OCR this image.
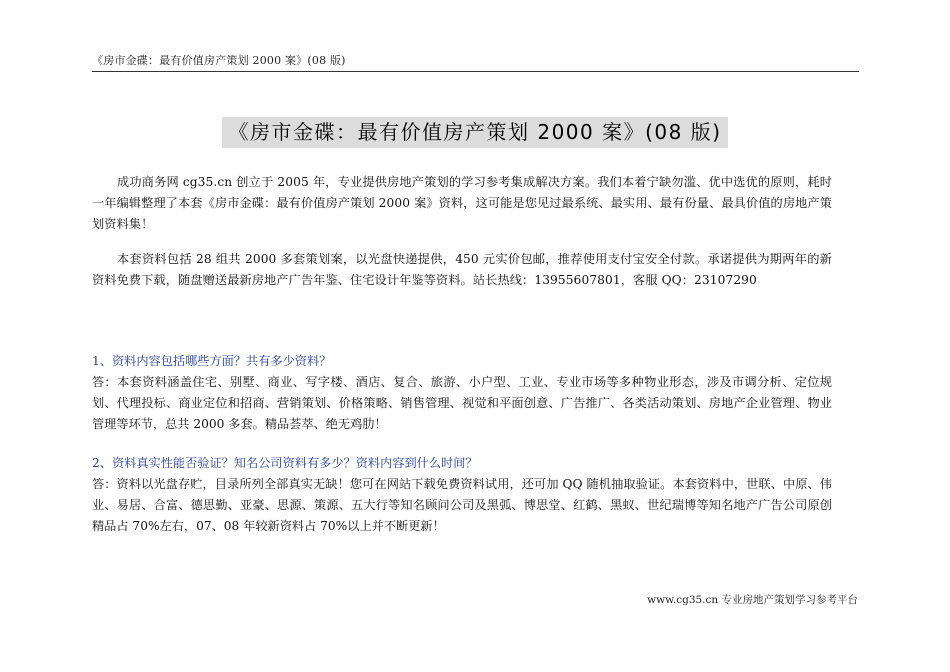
《房市金碟：最有价值房产策划 2000 案》(08 版)
《房市金碟：最有价值房产策划 2000 案》(08 版)

成功商务网 cg35.cn 创立于 2005 年，专业提供房地产策划的学习参考集成解决方案。我们本着宁缺勿滥、优中选优的原则，耗时一年编辑整理了本套《房市金碟：最有价值房产策划 2000 案》资料，这可能是您见过最系统、最实用、最有份量、最具价值的房地产策划资料集！

本套资料包括 28 组共 2000 多套策划案，以光盘快递提供，450 元实价包邮，推荐使用支付宝安全付款。承诺提供为期两年的新资料免费下载，随盘赠送最新房地产广告年鉴、住宅设计年鉴等资料。站长热线：13955607801，客服 QQ：23107290

1、资料内容包括哪些方面？共有多少资料？

答：本套资料涵盖住宅、别墅、商业、写字楼、酒店、复合、旅游、小户型、工业、专业市场等多种物业形态，涉及市调分析、定位规划、代理投标、商业定位和招商、营销策划、价格策略、销售管理、视觉和平面创意、广告推广、各类活动策划、房地产企业管理、物业管理等环节，总共 2000 多套。精品荟萃、绝无鸡肋！

2、资料真实性能否验证？知名公司资料有多少？资料内容到什么时间？

答：资料以光盘存贮，目录所列全部真实无缺！您可在网站下载免费资料试用，还可加 QQ 随机抽取验证。本套资料中，世联、中原、伟业、易居、合富、德思勤、亚豪、思源、策源、五大行等知名顾问公司及黑弧、博思堂、红鹤、黑蚁、世纪瑞博等知名地产广告公司原创精品占 70%左右，07、08 年较新资料占 70%以上并不断更新！

www.cg35.cn 专业房地产策划学习参考平台
